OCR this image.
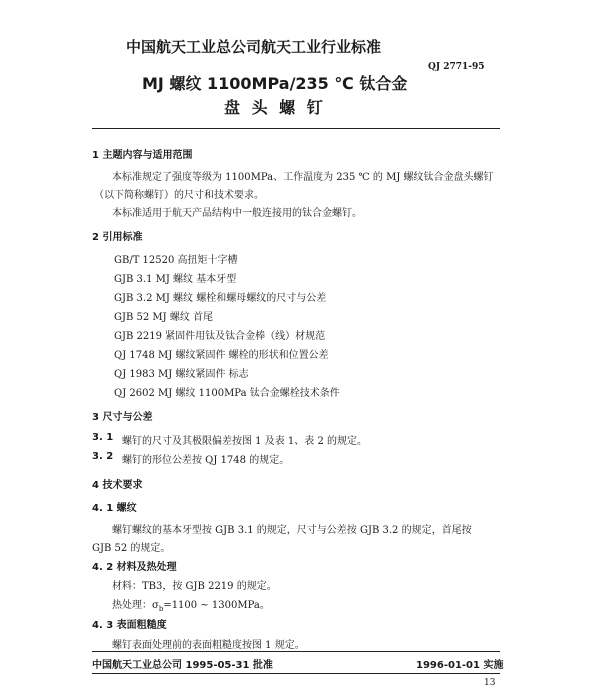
中国航天工业总公司航天工业行业标准
QJ 2771-95
MJ 螺纹 1100MPa/235 ℃ 钛合金
盘 头 螺 钉
1 主题内容与适用范围
本标准规定了强度等级为 1100MPa、工作温度为 235 ℃ 的 MJ 螺纹钛合金盘头螺钉
（以下简称螺钉）的尺寸和技术要求。
本标准适用于航天产品结构中一般连接用的钛合金螺钉。
2 引用标准
GB/T 12520 高扭矩十字槽
GJB 3.1 MJ 螺纹 基本牙型
GJB 3.2 MJ 螺纹 螺栓和螺母螺纹的尺寸与公差
GJB 52 MJ 螺纹 首尾
GJB 2219 紧固件用钛及钛合金棒（线）材规范
QJ 1748 MJ 螺纹紧固件 螺栓的形状和位置公差
QJ 1983 MJ 螺纹紧固件 标志
QJ 2602 MJ 螺纹 1100MPa 钛合金螺栓技术条件
3 尺寸与公差
3. 1 螺钉的尺寸及其极限偏差按图 1 及表 1、表 2 的规定。
3. 2 螺钉的形位公差按 QJ 1748 的规定。
4 技术要求
4. 1 螺纹
螺钉螺纹的基本牙型按 GJB 3.1 的规定，尺寸与公差按 GJB 3.2 的规定，首尾按
GJB 52 的规定。
4. 2 材料及热处理
材料：TB3，按 GJB 2219 的规定。
热处理：$\sigma_b=1100$ ~ 1300MPa。
4. 3 表面粗糙度
螺钉表面处理前的表面粗糙度按图 1 规定。
中国航天工业总公司 1995-05-31 批准	1996-01-01 实施
13
